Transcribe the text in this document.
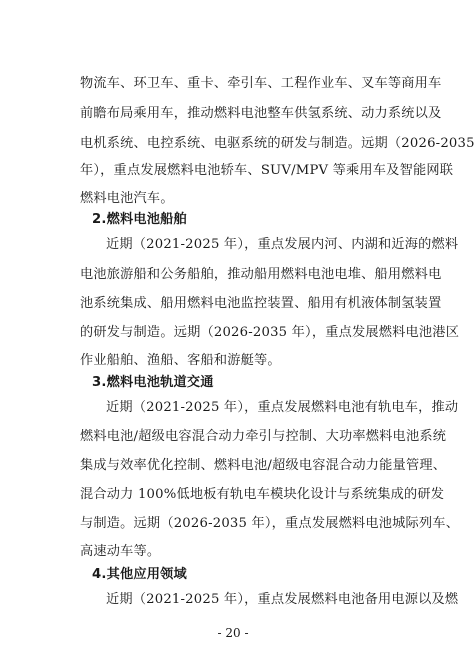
物流车、环卫车、重卡、牵引车、工程作业车、叉车等商用车
前瞻布局乘用车，推动燃料电池整车供氢系统、动力系统以及
电机系统、电控系统、电驱系统的研发与制造。远期（2026-2035
年），重点发展燃料电池轿车、SUV/MPV 等乘用车及智能网联
燃料电池汽车。
2.燃料电池船舶
近期（2021-2025 年），重点发展内河、内湖和近海的燃料
电池旅游船和公务船舶，推动船用燃料电池电堆、船用燃料电
池系统集成、船用燃料电池监控装置、船用有机液体制氢装置
的研发与制造。远期（2026-2035 年），重点发展燃料电池港区
作业船舶、渔船、客船和游艇等。
3.燃料电池轨道交通
近期（2021-2025 年），重点发展燃料电池有轨电车，推动
燃料电池/超级电容混合动力牵引与控制、大功率燃料电池系统
集成与效率优化控制、燃料电池/超级电容混合动力能量管理、
混合动力 100%低地板有轨电车模块化设计与系统集成的研发
与制造。远期（2026-2035 年），重点发展燃料电池城际列车、
高速动车等。
4.其他应用领域
近期（2021-2025 年），重点发展燃料电池备用电源以及燃
- 20 -
